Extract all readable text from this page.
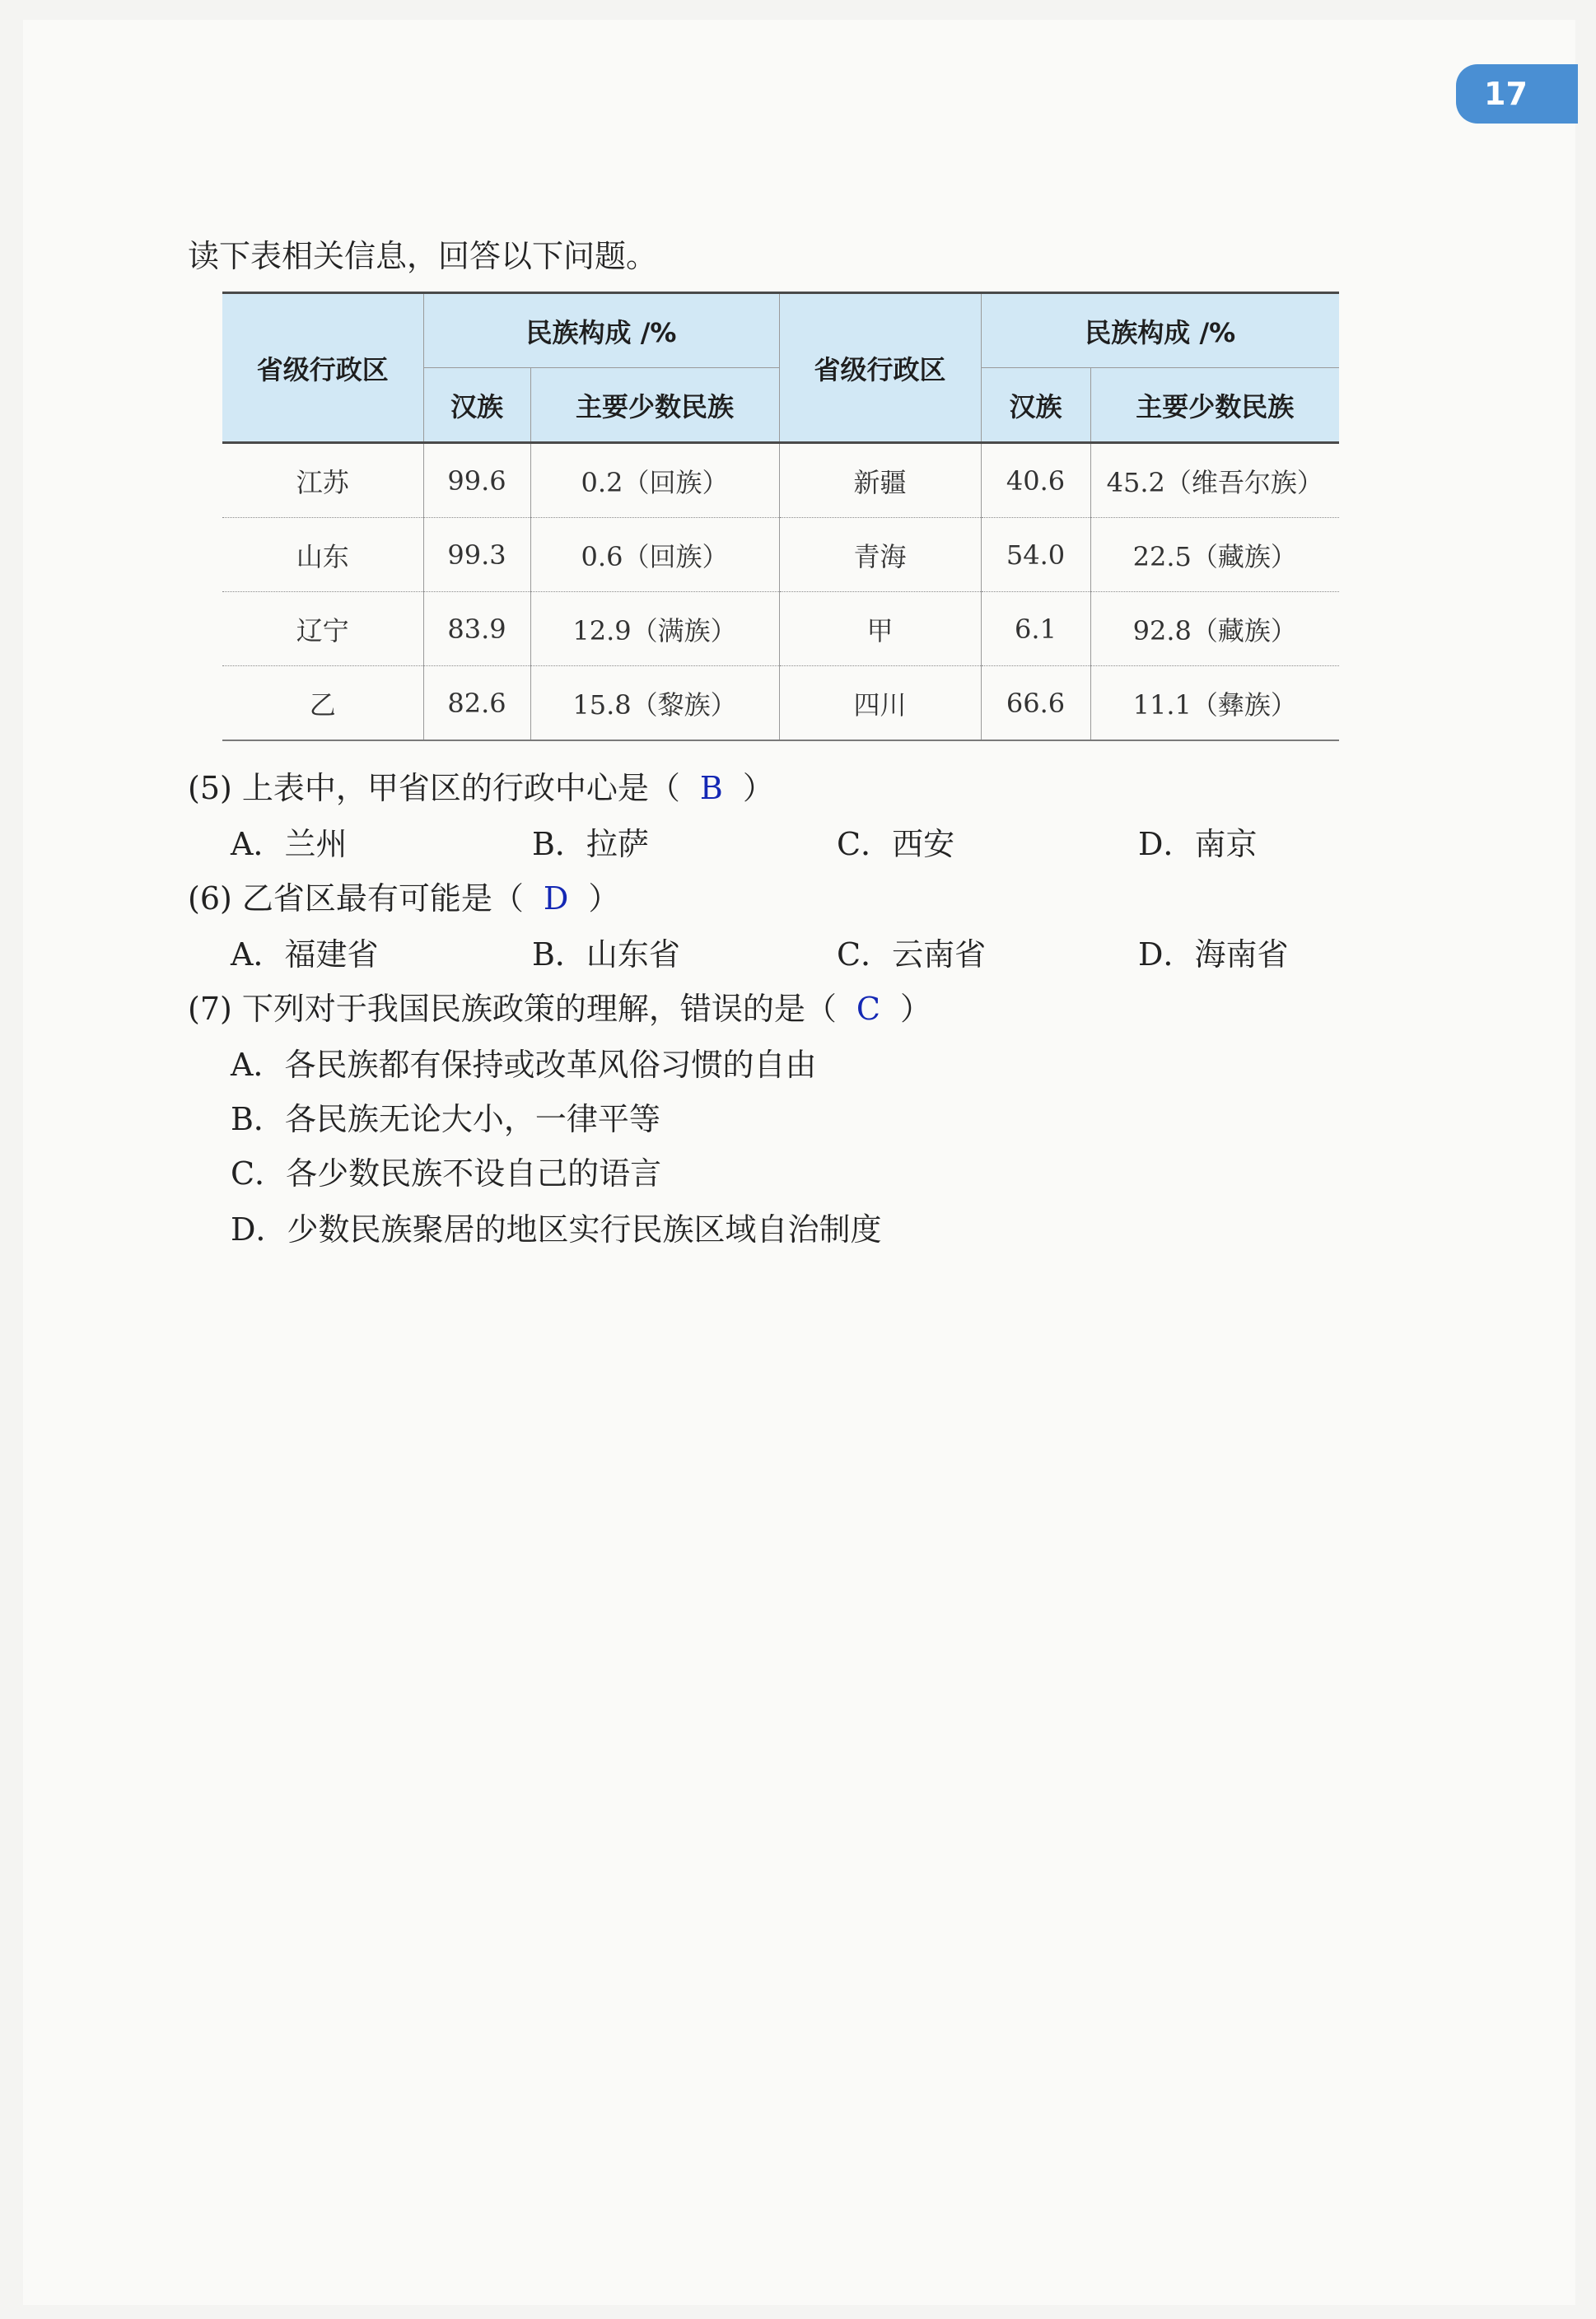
17
读下表相关信息，回答以下问题。
省级行政区	民族构成 /%		省级行政区	民族构成 /%	
	汉族	主要少数民族		汉族	主要少数民族
江苏	99.6	0.2（回族）	新疆	40.6	45.2（维吾尔族）
山东	99.3	0.6（回族）	青海	54.0	22.5（藏族）
辽宁	83.9	12.9（满族）	甲	6.1	92.8（藏族）
乙	82.6	15.8（黎族）	四川	66.6	11.1（彝族）
(5) 上表中，甲省区的行政中心是（ B ）
A．兰州	B．拉萨	C．西安	D．南京
(6) 乙省区最有可能是（ D ）
A．福建省	B．山东省	C．云南省	D．海南省
(7) 下列对于我国民族政策的理解，错误的是（ C ）
A．各民族都有保持或改革风俗习惯的自由
B．各民族无论大小，一律平等
C．各少数民族不设自己的语言
D．少数民族聚居的地区实行民族区域自治制度
